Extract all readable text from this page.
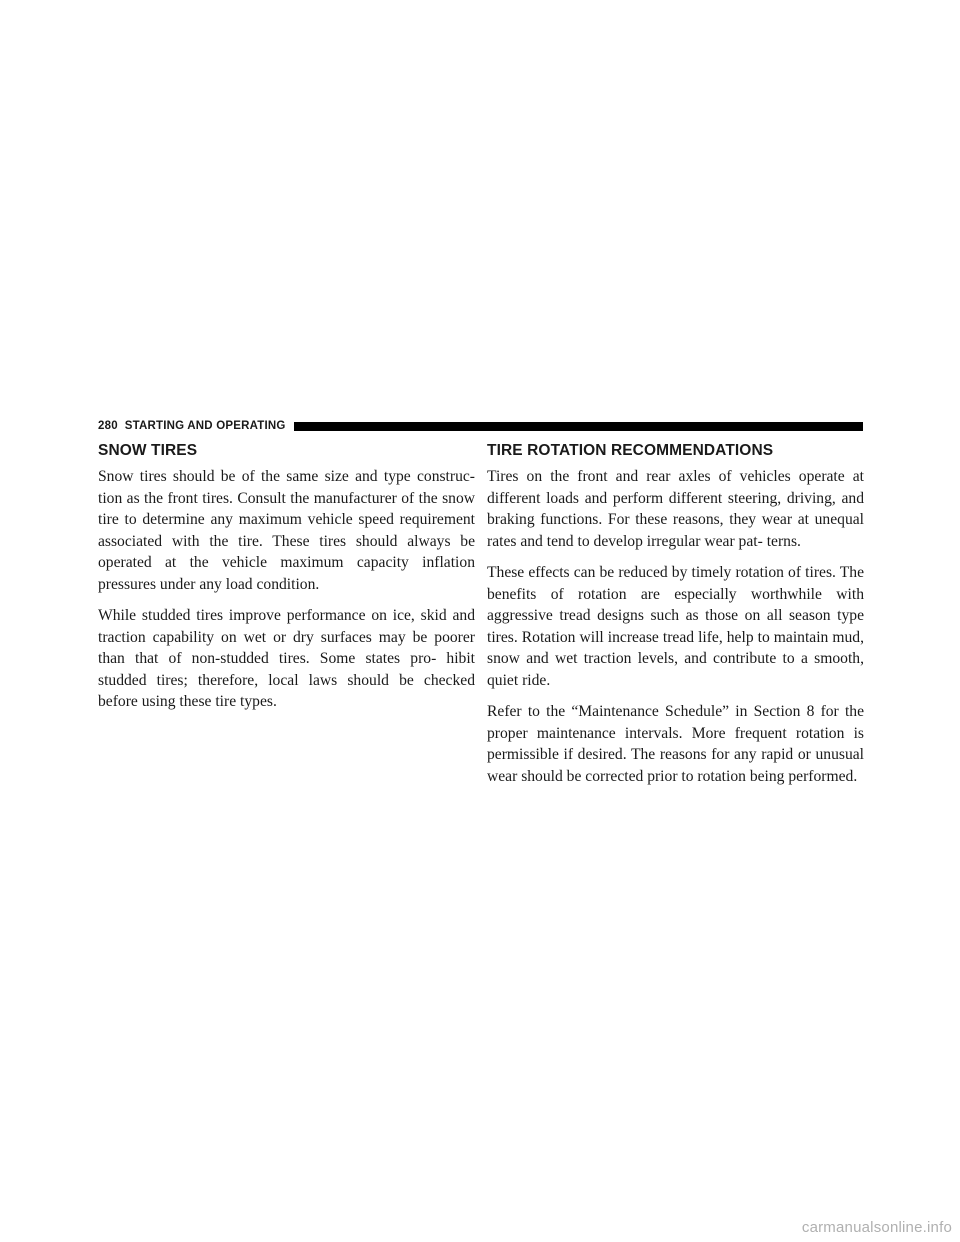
280 STARTING AND OPERATING
SNOW TIRES

Snow tires should be of the same size and type construc- tion as the front tires. Consult the manufacturer of the snow tire to determine any maximum vehicle speed requirement associated with the tire. These tires should always be operated at the vehicle maximum capacity inflation pressures under any load condition.

While studded tires improve performance on ice, skid and traction capability on wet or dry surfaces may be poorer than that of non-studded tires. Some states pro- hibit studded tires; therefore, local laws should be checked before using these tire types.

TIRE ROTATION RECOMMENDATIONS

Tires on the front and rear axles of vehicles operate at different loads and perform different steering, driving, and braking functions. For these reasons, they wear at unequal rates and tend to develop irregular wear pat- terns.

These effects can be reduced by timely rotation of tires. The benefits of rotation are especially worthwhile with aggressive tread designs such as those on all season type tires. Rotation will increase tread life, help to maintain mud, snow and wet traction levels, and contribute to a smooth, quiet ride.

Refer to the “Maintenance Schedule” in Section 8 for the proper maintenance intervals. More frequent rotation is permissible if desired. The reasons for any rapid or unusual wear should be corrected prior to rotation being performed.

carmanualsonline.info
